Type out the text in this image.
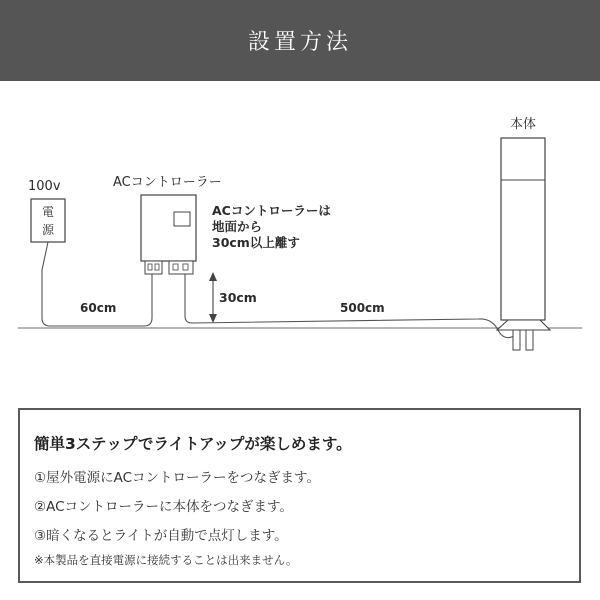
設置方法
100v
電
源
60cm
ACコントローラー
ACコントローラーは
地面から
30cm以上離す
30cm
500cm
本体
簡単3ステップでライトアップが楽しめます。
①屋外電源にACコントローラーをつなぎます。
②ACコントローラーに本体をつなぎます。
③暗くなるとライトが自動で点灯します。
※本製品を直接電源に接続することは出来ません。
